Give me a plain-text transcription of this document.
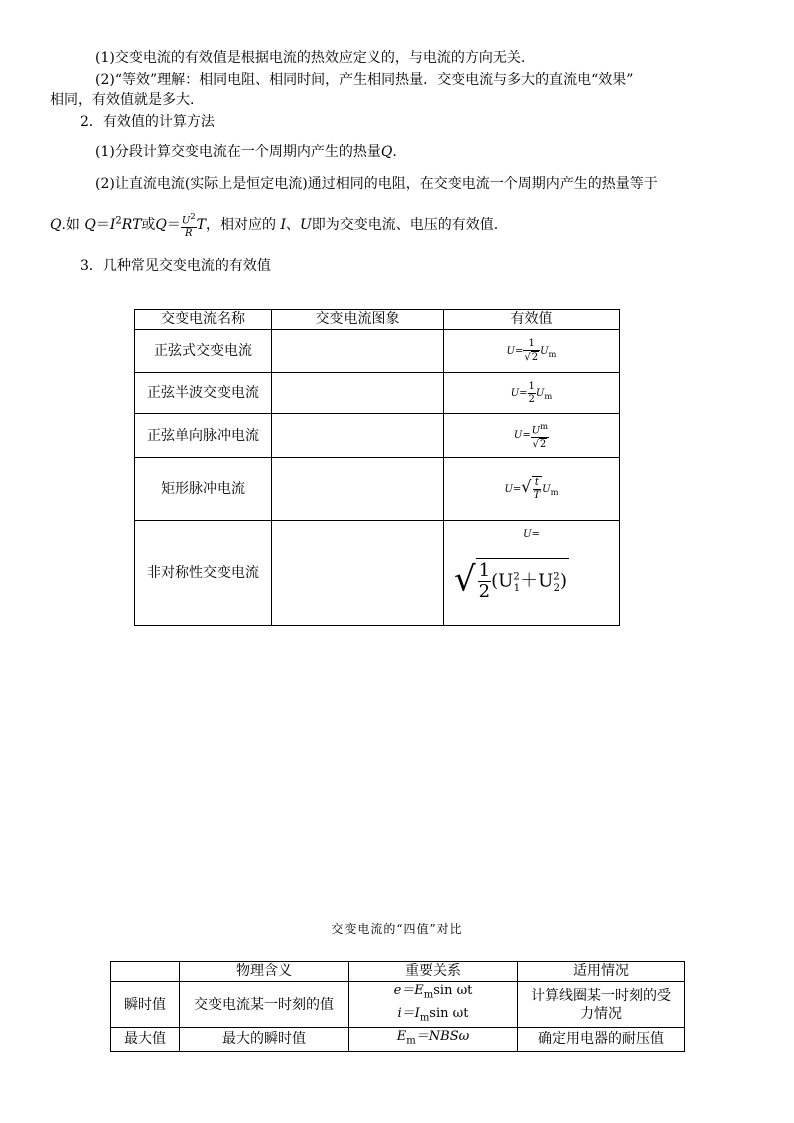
(1)交变电流的有效值是根据电流的热效应定义的，与电流的方向无关.
(2)“等效”理解：相同电阻、相同时间，产生相同热量．交变电流与多大的直流电“效果”
相同，有效值就是多大.
2．有效值的计算方法
(1)分段计算交变电流在一个周期内产生的热量Q.
(2)让直流电流(实际上是恒定电流)通过相同的电阻，在交变电流一个周期内产生的热量等于
Q.如 $Q=I^2RT$或$Q= \frac{U^2}{R}$ T，相对应的 I、U即为交变电流、电压的有效值.
3．几种常见交变电流的有效值
交变电流名称	交变电流图象	有效值
正弦式交变电流		$U= \frac{1}{√2} U_m$
正弦半波交变电流		$U= \frac{1}{2} U_m$
正弦单向脉冲电流		$U= \frac{U^m}{√2}$

矩形脉冲电流		$U=√ \frac{t}{T} U_m$
非对称性交变电流		U=
√ $\frac{1}{2} (U^2_1+U^2_2)$
交变电流的“四值”对比
	物理含义	重要关系	适用情况
瞬时值	交变电流某一时刻的值	$e=E_m\sin$ ωt
$i=I_m\sin$ ωt	计算线圈某一时刻的受力情况
最大值	最大的瞬时值	$E_m=NBS\omega$	确定用电器的耐压值
